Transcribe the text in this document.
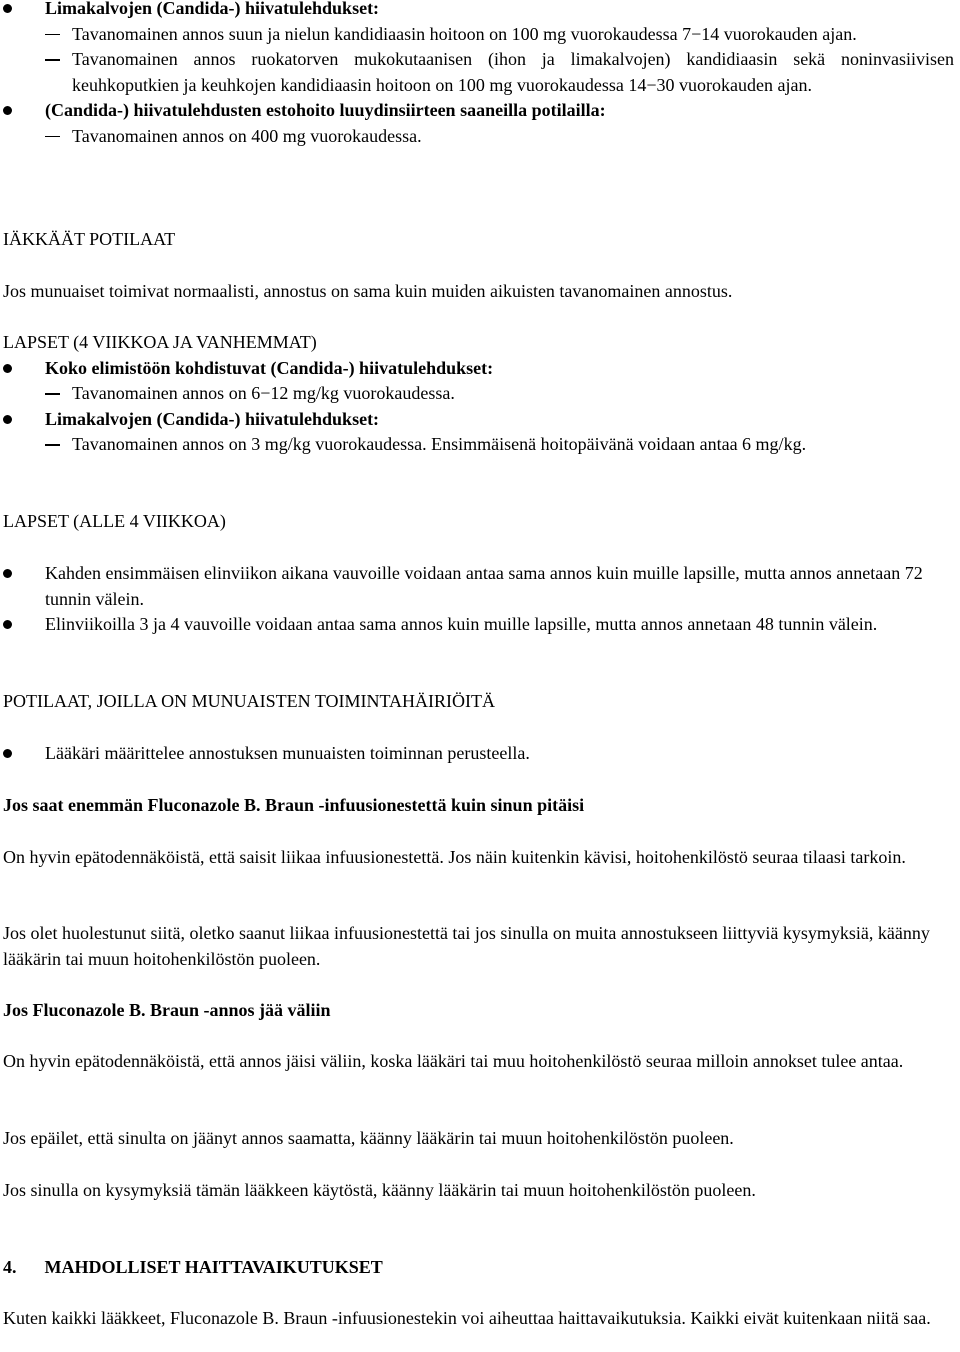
Limakalvojen (Candida-) hiivatulehdukset:
Tavanomainen annos suun ja nielun kandidiaasin hoitoon on 100 mg vuorokaudessa 7−14 vuorokauden ajan.
Tavanomainen annos ruokatorven mukokutaanisen (ihon ja limakalvojen) kandidiaasin sekä noninvasiivisen keuhkoputkien ja keuhkojen kandidiaasin hoitoon on 100 mg vuorokaudessa 14−30 vuorokauden ajan.
(Candida-) hiivatulehdusten estohoito luuydinsiirteen saaneilla potilailla:
Tavanomainen annos on 400 mg vuorokaudessa.
IÄKKÄÄT POTILAAT
Jos munuaiset toimivat normaalisti, annostus on sama kuin muiden aikuisten tavanomainen annostus.
LAPSET (4 VIIKKOA JA VANHEMMAT)
Koko elimistöön kohdistuvat (Candida-) hiivatulehdukset:
Tavanomainen annos on 6−12 mg/kg vuorokaudessa.
Limakalvojen (Candida-) hiivatulehdukset:
Tavanomainen annos on 3 mg/kg vuorokaudessa. Ensimmäisenä hoitopäivänä voidaan antaa 6 mg/kg.
LAPSET (ALLE 4 VIIKKOA)
Kahden ensimmäisen elinviikon aikana vauvoille voidaan antaa sama annos kuin muille lapsille, mutta annos annetaan 72 tunnin välein.
Elinviikoilla 3 ja 4 vauvoille voidaan antaa sama annos kuin muille lapsille, mutta annos annetaan 48 tunnin välein.
POTILAAT, JOILLA ON MUNUAISTEN TOIMINTAHÄIRIÖITÄ
Lääkäri määrittelee annostuksen munuaisten toiminnan perusteella.
Jos saat enemmän Fluconazole B. Braun -infuusionestettä kuin sinun pitäisi
On hyvin epätodennäköistä, että saisit liikaa infuusionestettä. Jos näin kuitenkin kävisi, hoitohenkilöstö seuraa tilaasi tarkoin.
Jos olet huolestunut siitä, oletko saanut liikaa infuusionestettä tai jos sinulla on muita annostukseen liittyviä kysymyksiä, käänny lääkärin tai muun hoitohenkilöstön puoleen.
Jos Fluconazole B. Braun -annos jää väliin
On hyvin epätodennäköistä, että annos jäisi väliin, koska lääkäri tai muu hoitohenkilöstö seuraa milloin annokset tulee antaa.
Jos epäilet, että sinulta on jäänyt annos saamatta, käänny lääkärin tai muun hoitohenkilöstön puoleen.
Jos sinulla on kysymyksiä tämän lääkkeen käytöstä, käänny lääkärin tai muun hoitohenkilöstön puoleen.
4. MAHDOLLISET HAITTAVAIKUTUKSET
Kuten kaikki lääkkeet, Fluconazole B. Braun -infuusionestekin voi aiheuttaa haittavaikutuksia. Kaikki eivät kuitenkaan niitä saa.
